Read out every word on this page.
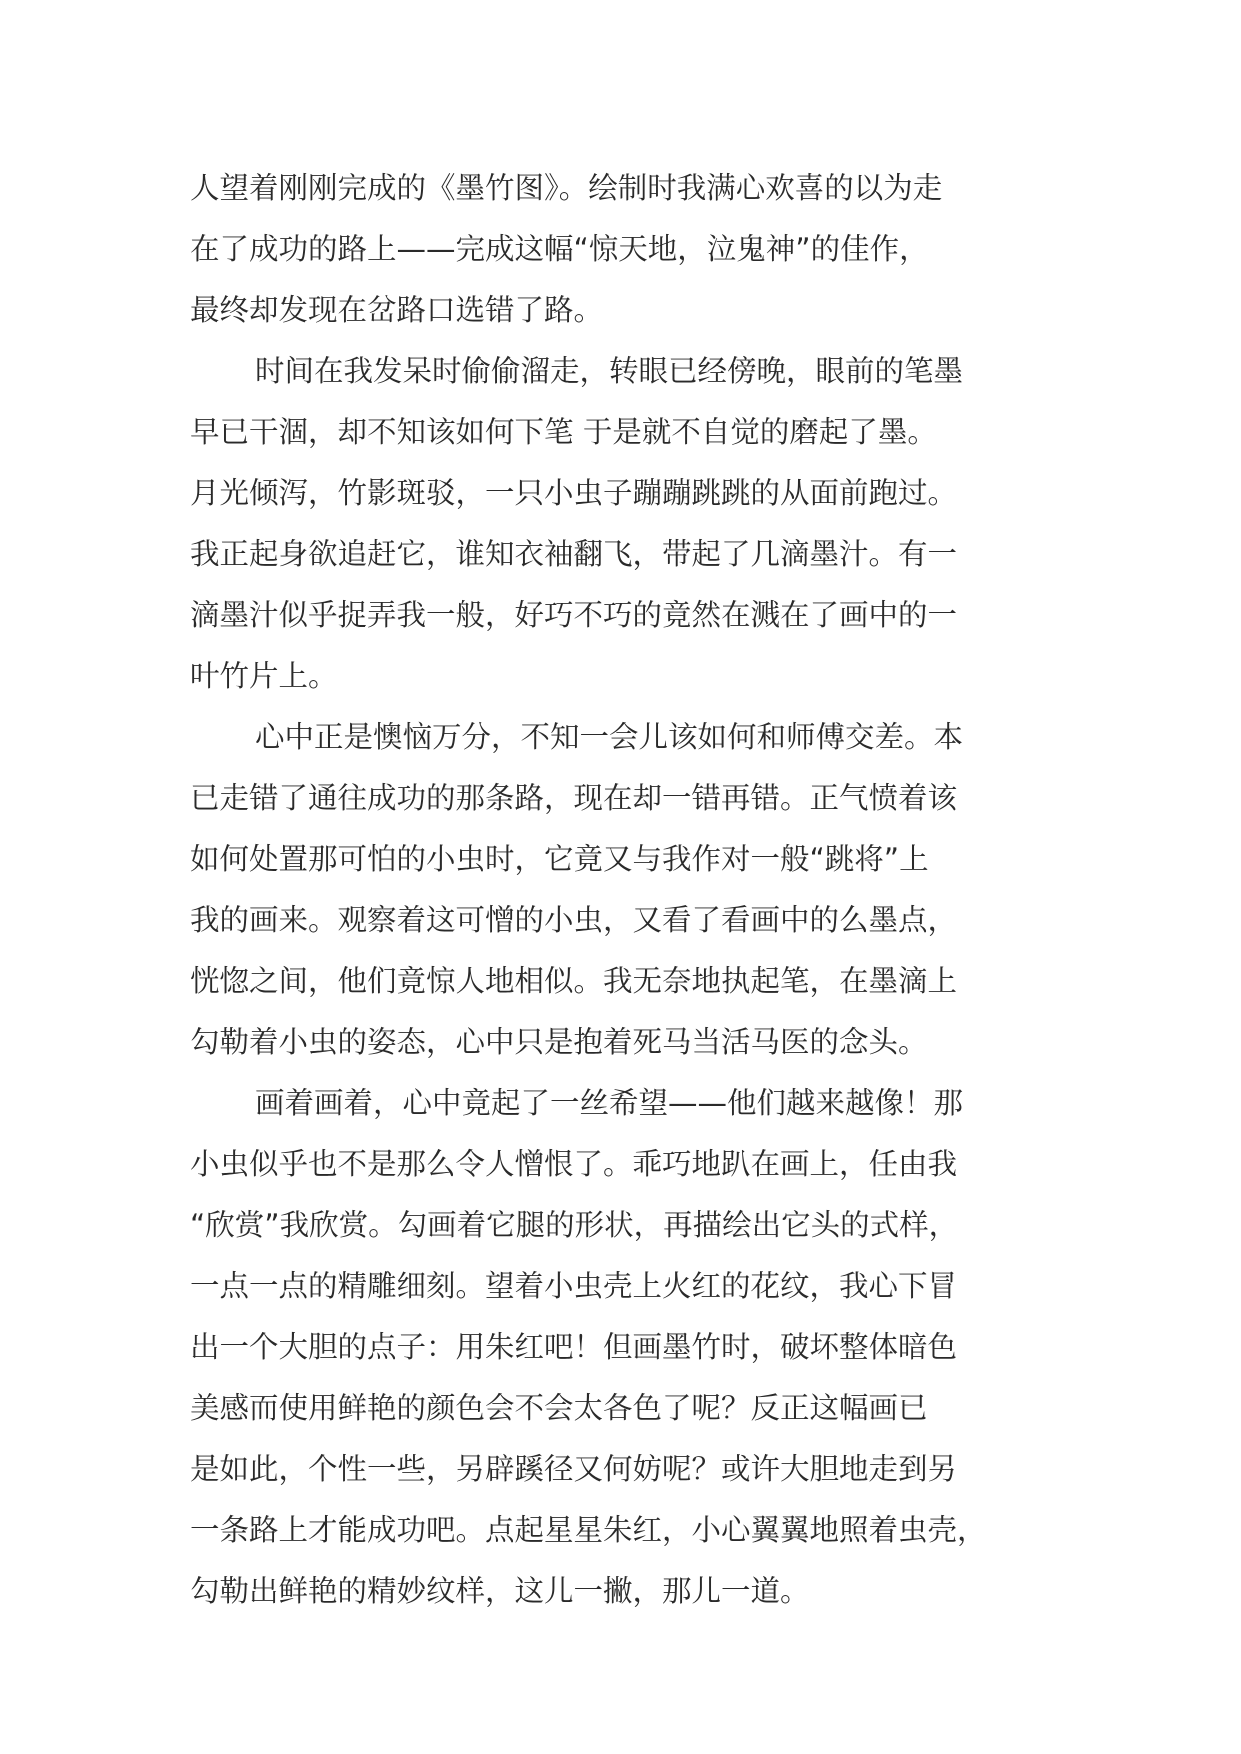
人望着刚刚完成的《墨竹图》。绘制时我满心欢喜的以为走
在了成功的路上——完成这幅“惊天地，泣鬼神”的佳作，
最终却发现在岔路口选错了路。
时间在我发呆时偷偷溜走，转眼已经傍晚，眼前的笔墨
早已干涸，却不知该如何下笔 于是就不自觉的磨起了墨。
月光倾泻，竹影斑驳，一只小虫子蹦蹦跳跳的从面前跑过。
我正起身欲追赶它，谁知衣袖翻飞，带起了几滴墨汁。有一
滴墨汁似乎捉弄我一般，好巧不巧的竟然在溅在了画中的一
叶竹片上。
心中正是懊恼万分，不知一会儿该如何和师傅交差。本
已走错了通往成功的那条路，现在却一错再错。正气愤着该
如何处置那可怕的小虫时，它竟又与我作对一般“跳将”上
我的画来。观察着这可憎的小虫，又看了看画中的么墨点，
恍惚之间，他们竟惊人地相似。我无奈地执起笔，在墨滴上
勾勒着小虫的姿态，心中只是抱着死马当活马医的念头。
画着画着，心中竟起了一丝希望——他们越来越像！那
小虫似乎也不是那么令人憎恨了。乖巧地趴在画上，任由我
“欣赏”我欣赏。勾画着它腿的形状，再描绘出它头的式样，
一点一点的精雕细刻。望着小虫壳上火红的花纹，我心下冒
出一个大胆的点子：用朱红吧！但画墨竹时，破坏整体暗色
美感而使用鲜艳的颜色会不会太各色了呢？反正这幅画已
是如此，个性一些，另辟蹊径又何妨呢？或许大胆地走到另
一条路上才能成功吧。点起星星朱红，小心翼翼地照着虫壳，
勾勒出鲜艳的精妙纹样，这儿一撇，那儿一道。
